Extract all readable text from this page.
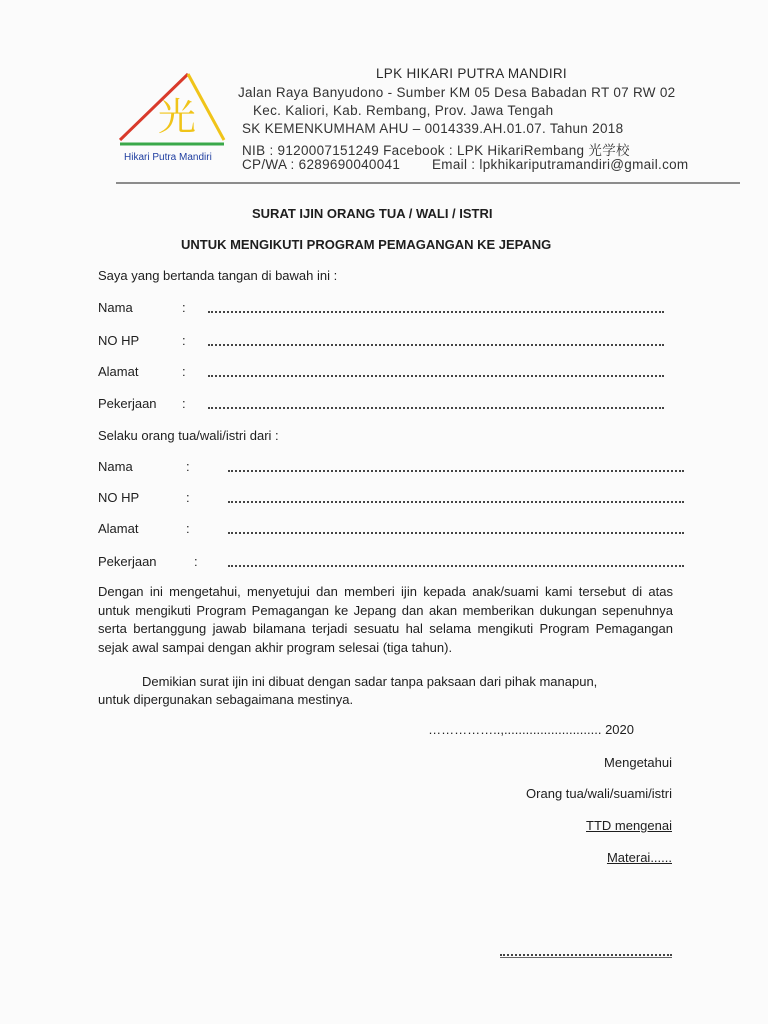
光
Hikari Putra Mandiri
LPK HIKARI PUTRA MANDIRI
Jalan Raya Banyudono - Sumber KM 05 Desa Babadan RT 07 RW 02
Kec. Kaliori, Kab. Rembang, Prov. Jawa Tengah
SK KEMENKUMHAM AHU – 0014339.AH.01.07. Tahun 2018
NIB : 9120007151249 Facebook : LPK HikariRembang 光学校
CP/WA : 6289690040041 Email : lpkhikariputramandiri@gmail.com
SURAT IJIN ORANG TUA / WALI / ISTRI
UNTUK MENGIKUTI PROGRAM PEMAGANGAN KE JEPANG
Saya yang bertanda tangan di bawah ini :
Nama	:
NO HP	:
Alamat	:
Pekerjaan :
Selaku orang tua/wali/istri dari :
Nama	:
NO HP	:
Alamat	:
Pekerjaan	:
Dengan ini mengetahui, menyetujui dan memberi ijin kepada anak/suami kami tersebut di atas untuk mengikuti Program Pemagangan ke Jepang dan akan memberikan dukungan sepenuhnya serta bertanggung jawab bilamana terjadi sesuatu hal selama mengikuti Program Pemagangan sejak awal sampai dengan akhir program selesai (tiga tahun).
Demikian surat ijin ini dibuat dengan sadar tanpa paksaan dari pihak manapun,
untuk dipergunakan sebagaimana mestinya.
……………..,........................... 2020
Mengetahui
Orang tua/wali/suami/istri
TTD mengenai
Materai......
